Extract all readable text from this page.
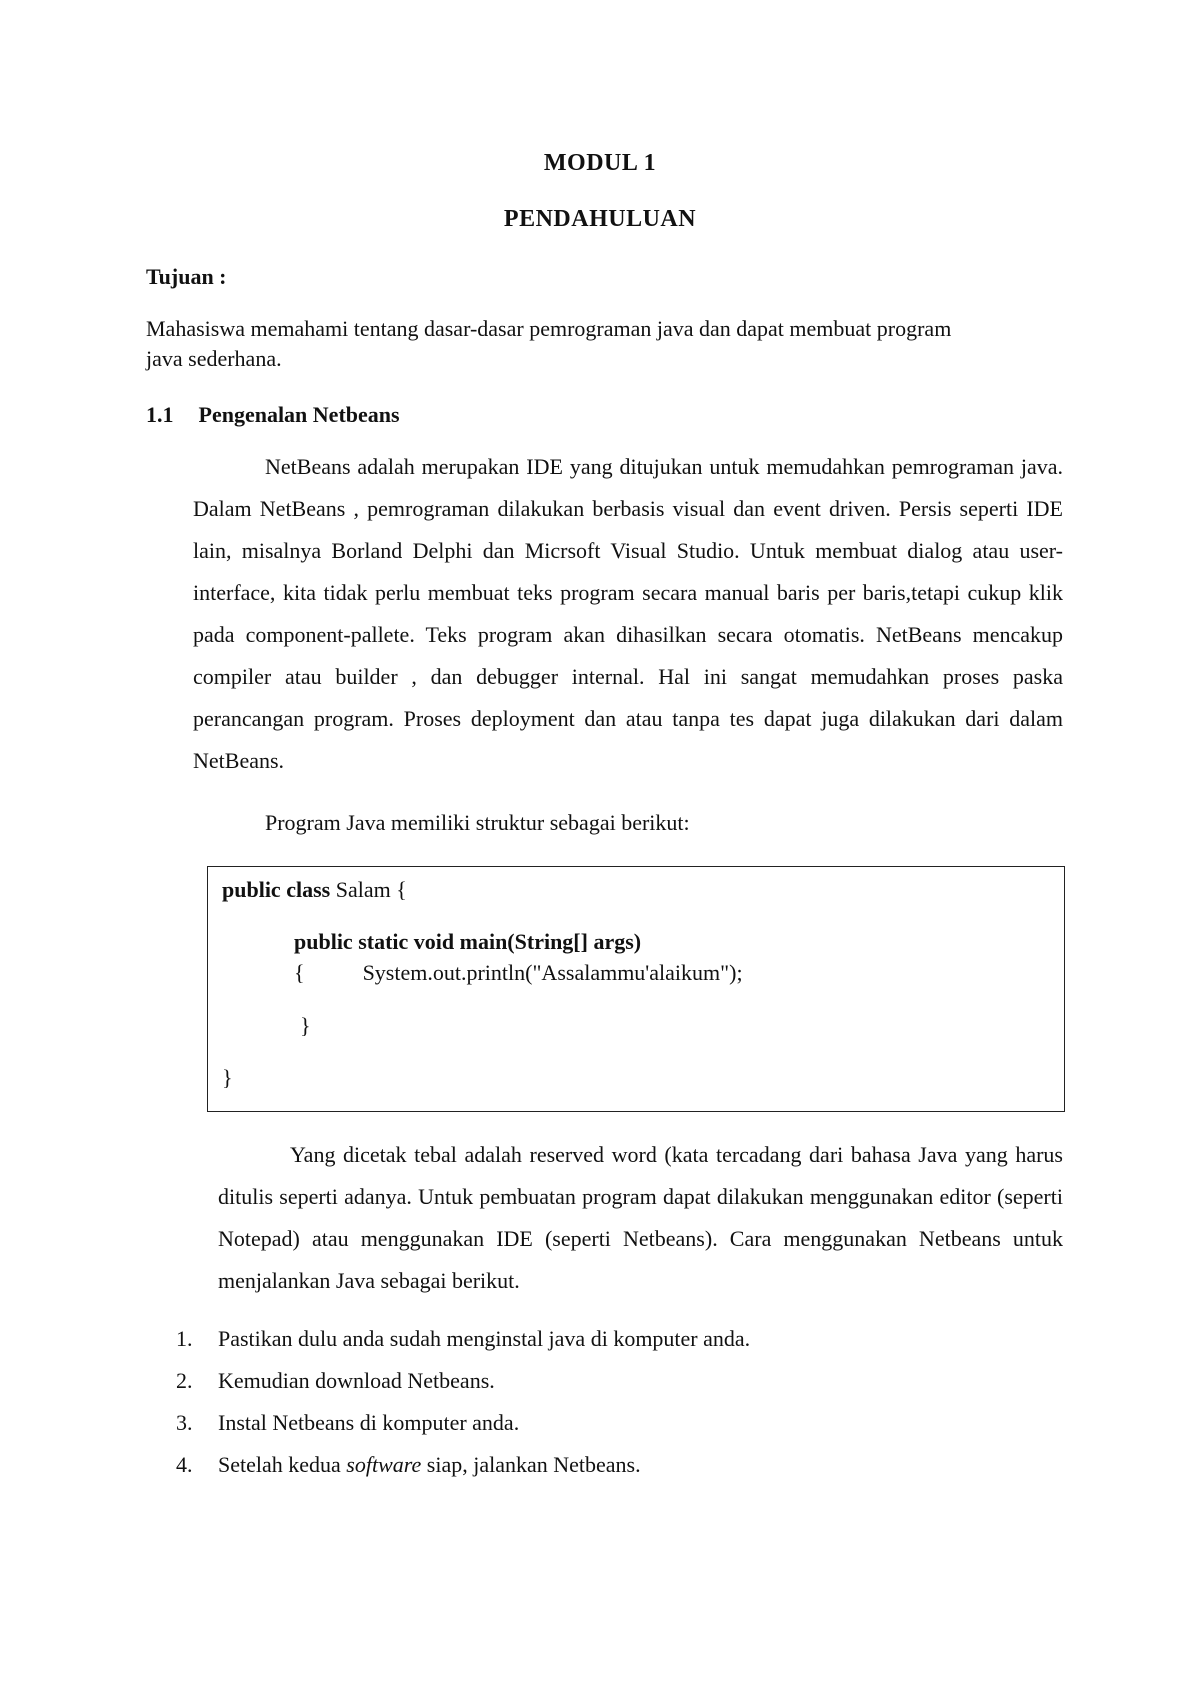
MODUL 1
PENDAHULUAN
Tujuan :
Mahasiswa memahami tentang dasar-dasar pemrograman java dan dapat membuat program
java sederhana.
1.1 Pengenalan Netbeans
NetBeans adalah merupakan IDE yang ditujukan untuk memudahkan pemrograman java. Dalam NetBeans , pemrograman dilakukan berbasis visual dan event driven. Persis seperti IDE lain, misalnya Borland Delphi dan Micrsoft Visual Studio. Untuk membuat dialog atau user-interface, kita tidak perlu membuat teks program secara manual baris per baris,tetapi cukup klik pada component-pallete. Teks program akan dihasilkan secara otomatis. NetBeans mencakup compiler atau builder , dan debugger internal. Hal ini sangat memudahkan proses paska perancangan program. Proses deployment dan atau tanpa tes dapat juga dilakukan dari dalam NetBeans.
Program Java memiliki struktur sebagai berikut:
public class Salam {
public static void main(String[] args)
{	System.out.println("Assalammu'alaikum");
}
}
Yang dicetak tebal adalah reserved word (kata tercadang dari bahasa Java yang harus ditulis seperti adanya. Untuk pembuatan program dapat dilakukan menggunakan editor (seperti Notepad) atau menggunakan IDE (seperti Netbeans). Cara menggunakan Netbeans untuk menjalankan Java sebagai berikut.
1. Pastikan dulu anda sudah menginstal java di komputer anda.
2. Kemudian download Netbeans.
3. Instal Netbeans di komputer anda.
4. Setelah kedua software siap, jalankan Netbeans.
